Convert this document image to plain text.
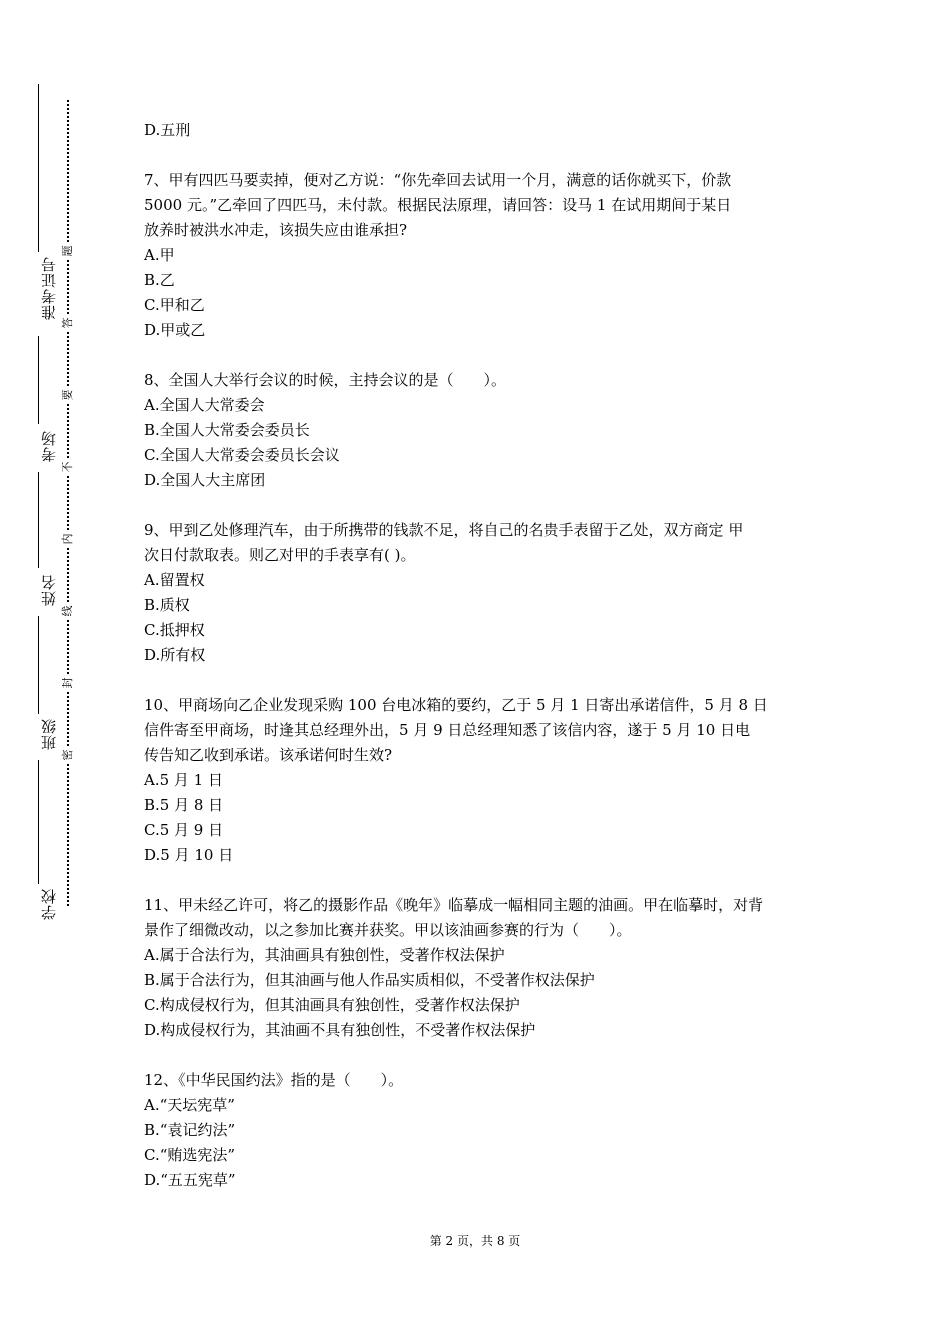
准考证号
考场
姓名
班级
学校
题
答
要
不
内
线
封
密
D.五刑
7、甲有四匹马要卖掉，便对乙方说：“你先牵回去试用一个月，满意的话你就买下，价款
5000 元。”乙牵回了四匹马，未付款。根据民法原理，请回答：设马 1 在试用期间于某日
放养时被洪水冲走，该损失应由谁承担?
A.甲
B.乙
C.甲和乙
D.甲或乙
8、全国人大举行会议的时候，主持会议的是（　　）。
A.全国人大常委会
B.全国人大常委会委员长
C.全国人大常委会委员长会议
D.全国人大主席团
9、甲到乙处修理汽车，由于所携带的钱款不足，将自己的名贵手表留于乙处，双方商定 甲
次日付款取表。则乙对甲的手表享有( )。
A.留置权
B.质权
C.抵押权
D.所有权
10、甲商场向乙企业发现采购 100 台电冰箱的要约，乙于 5 月 1 日寄出承诺信件，5 月 8 日
信件寄至甲商场，时逢其总经理外出，5 月 9 日总经理知悉了该信内容，遂于 5 月 10 日电
传告知乙收到承诺。该承诺何时生效?
A.5 月 1 日
B.5 月 8 日
C.5 月 9 日
D.5 月 10 日
11、甲未经乙许可，将乙的摄影作品《晚年》临摹成一幅相同主题的油画。甲在临摹时，对背
景作了细微改动，以之参加比赛并获奖。甲以该油画参赛的行为（　　）。
A.属于合法行为，其油画具有独创性，受著作权法保护
B.属于合法行为，但其油画与他人作品实质相似，不受著作权法保护
C.构成侵权行为，但其油画具有独创性，受著作权法保护
D.构成侵权行为，其油画不具有独创性，不受著作权法保护
12、《中华民国约法》指的是（　　）。
A.“天坛宪草”
B.“袁记约法”
C.“贿选宪法”
D.“五五宪草”
第 2 页，共 8 页
